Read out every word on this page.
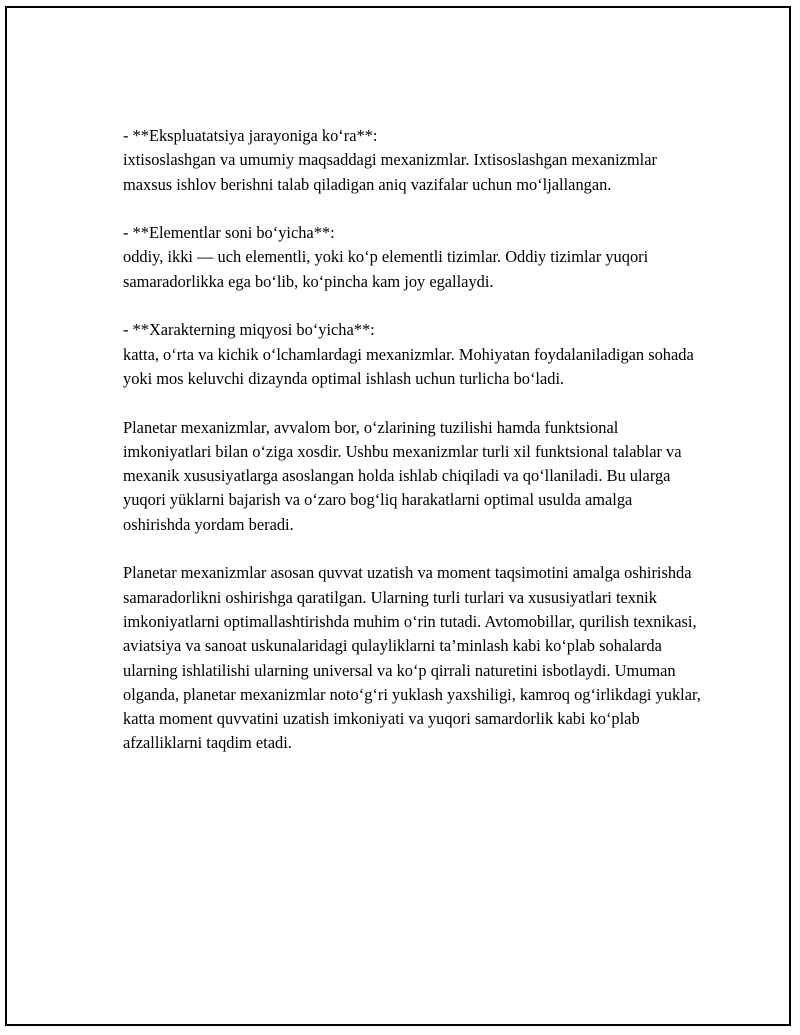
- **Ekspluatatsiya jarayoniga ko‘ra**:
ixtisoslashgan va umumiy maqsaddagi mexanizmlar. Ixtisoslashgan mexanizmlar maxsus ishlov berishni talab qiladigan aniq vazifalar uchun mo‘ljallangan.
- **Elementlar soni bo‘yicha**:
oddiy, ikki — uch elementli, yoki ko‘p elementli tizimlar. Oddiy tizimlar yuqori samaradorlikka ega bo‘lib, ko‘pincha kam joy egallaydi.
- **Xarakterning miqyosi bo‘yicha**:
katta, o‘rta va kichik o‘lchamlardagi mexanizmlar. Mohiyatan foydalaniladigan sohada yoki mos keluvchi dizaynda optimal ishlash uchun turlicha bo‘ladi.

Planetar mexanizmlar, avvalom bor, o‘zlarining tuzilishi hamda funktsional imkoniyatlari bilan o‘ziga xosdir. Ushbu mexanizmlar turli xil funktsional talablar va mexanik xususiyatlarga asoslangan holda ishlab chiqiladi va qo‘llaniladi. Bu ularga yuqori yüklarni bajarish va o‘zaro bog‘liq harakatlarni optimal usulda amalga oshirishda yordam beradi.

Planetar mexanizmlar asosan quvvat uzatish va moment taqsimotini amalga oshirishda samaradorlikni oshirishga qaratilgan. Ularning turli turlari va xususiyatlari texnik imkoniyatlarni optimallashtirishda muhim o‘rin tutadi. Avtomobillar, qurilish texnikasi, aviatsiya va sanoat uskunalaridagi qulayliklarni ta’minlash kabi ko‘plab sohalarda ularning ishlatilishi ularning universal va ko‘p qirrali naturetini isbotlaydi. Umuman olganda, planetar mexanizmlar noto‘g‘ri yuklash yaxshiligi, kamroq og‘irlikdagi yuklar, katta moment quvvatini uzatish imkoniyati va yuqori samardorlik kabi ko‘plab afzalliklarni taqdim etadi.
